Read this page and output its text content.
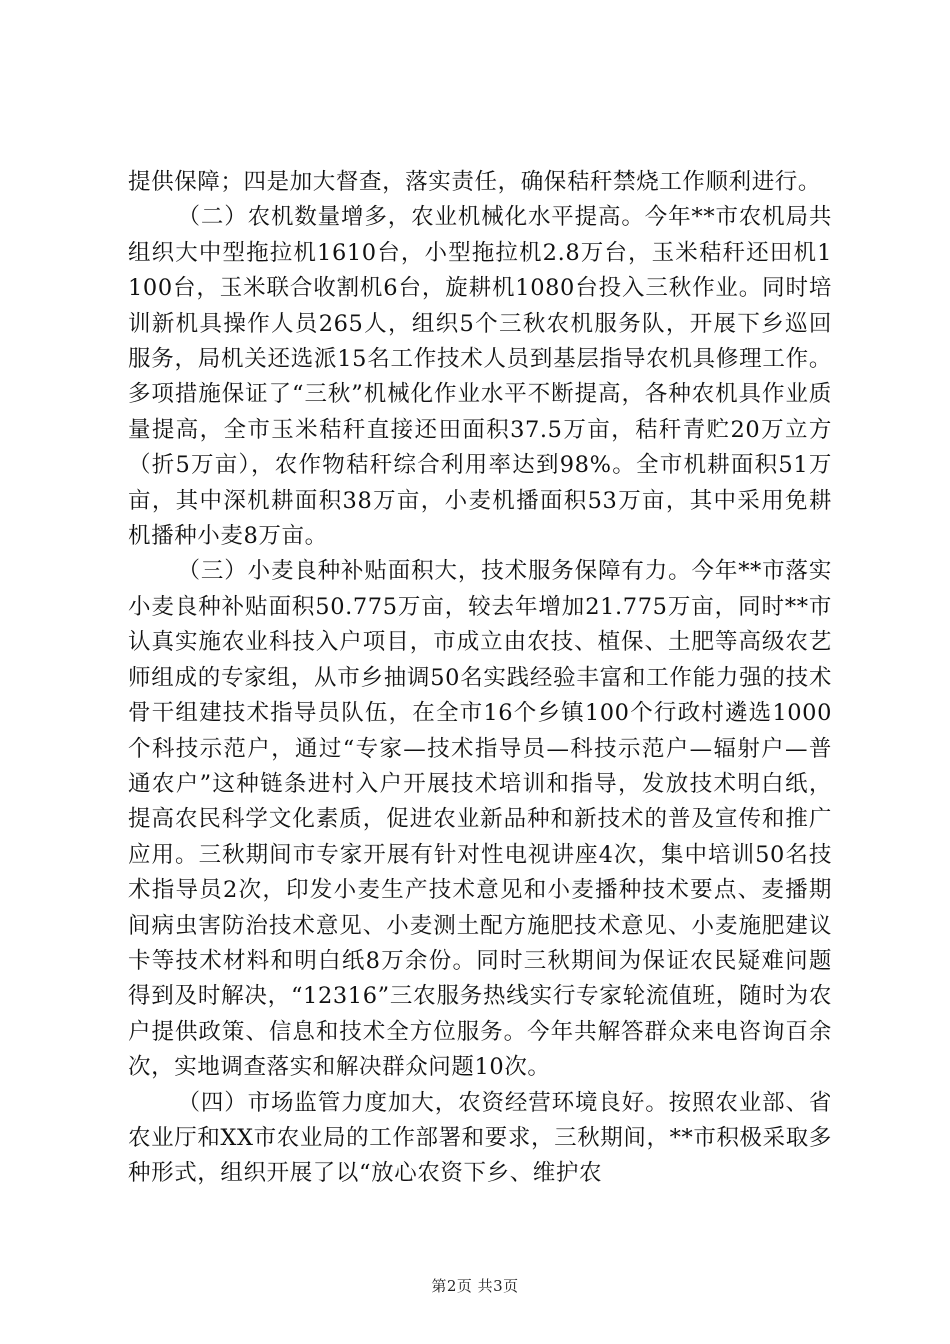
提供保障；四是加大督查，落实责任，确保秸秆禁烧工作顺利进行。

（二）农机数量增多，农业机械化水平提高。今年**市农机局共组织大中型拖拉机1610台，小型拖拉机2.8万台，玉米秸秆还田机1100台，玉米联合收割机6台，旋耕机1080台投入三秋作业。同时培训新机具操作人员265人，组织5个三秋农机服务队，开展下乡巡回服务，局机关还选派15名工作技术人员到基层指导农机具修理工作。多项措施保证了“三秋”机械化作业水平不断提高，各种农机具作业质量提高，全市玉米秸秆直接还田面积37.5万亩，秸秆青贮20万立方（折5万亩），农作物秸秆综合利用率达到98%。全市机耕面积51万亩，其中深机耕面积38万亩，小麦机播面积53万亩，其中采用免耕机播种小麦8万亩。

（三）小麦良种补贴面积大，技术服务保障有力。今年**市落实小麦良种补贴面积50.775万亩，较去年增加21.775万亩，同时**市认真实施农业科技入户项目，市成立由农技、植保、土肥等高级农艺师组成的专家组，从市乡抽调50名实践经验丰富和工作能力强的技术骨干组建技术指导员队伍，在全市16个乡镇100个行政村遴选1000个科技示范户，通过“专家—技术指导员—科技示范户—辐射户—普通农户”这种链条进村入户开展技术培训和指导，发放技术明白纸，提高农民科学文化素质，促进农业新品种和新技术的普及宣传和推广应用。三秋期间市专家开展有针对性电视讲座4次，集中培训50名技术指导员2次，印发小麦生产技术意见和小麦播种技术要点、麦播期间病虫害防治技术意见、小麦测土配方施肥技术意见、小麦施肥建议卡等技术材料和明白纸8万余份。同时三秋期间为保证农民疑难问题得到及时解决，“12316”三农服务热线实行专家轮流值班，随时为农户提供政策、信息和技术全方位服务。今年共解答群众来电咨询百余次，实地调查落实和解决群众问题10次。

（四）市场监管力度加大，农资经营环境良好。按照农业部、省农业厅和XX市农业局的工作部署和要求，三秋期间，**市积极采取多种形式，组织开展了以“放心农资下乡、维护农

第2页 共3页
